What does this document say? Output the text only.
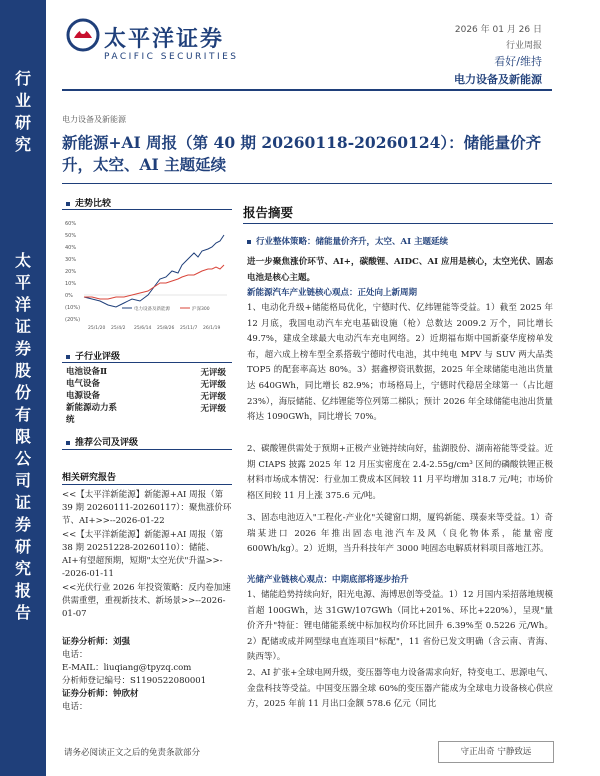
行业研究
太平洋证券股份有限公司证券研究报告
太平洋证券
PACIFIC SECURITIES
2026 年 01 月 26 日
行业周报
看好/维持
电力设备及新能源
电力设备及新能源
新能源+AI 周报（第 40 期 20260118-20260124）：储能量价齐升，太空、AI 主题延续
走势比较
60%
50%
40%
30%
20%
10%
0%
(10%)
(20%)
电力设备及新能源	沪深300
25/1/20 25/4/2 25/6/14 25/8/26 25/11/7 26/1/19
子行业评级
电池设备Ⅱ	无评级
电气设备	无评级
电源设备	无评级
新能源动力系统
无评级
推荐公司及评级
相关研究报告
<<【太平洋新能源】新能源+AI 周报（第 39 期 20260111-20260117）：聚焦涨价环节、AI+>>--2026-01-22
<<【太平洋新能源】新能源+AI 周报（第 38 期 20251228-20260110）：储能、AI+有望超预期，短期"太空光伏"升温>>--2026-01-11
<<光伏行业 2026 年投资策略：反内卷加速供需重塑，重视新技术、新场景>>--2026-01-07
证券分析师：刘强
电话：
E-MAIL：liuqiang@tpyzq.com
分析师登记编号：S1190522080001
证券分析师：钟欣材
电话：
报告摘要
行业整体策略：储能量价齐升，太空、AI 主题延续
进一步聚焦涨价环节、AI+，碳酸锂、AIDC、AI 应用是核心，太空光伏、固态电池是核心主题。
新能源汽车产业链核心观点：正处向上新周期
1、电动化升级+储能格局优化，宁德时代、亿纬锂能等受益。1）截至 2025 年 12 月底，我国电动汽车充电基础设施（枪）总数达 2009.2 万个，同比增长 49.7%，建成全球最大电动汽车充电网络。2）近期福布斯中国新豪华度榜单发布，超六成上榜车型全系搭载宁德时代电池，其中纯电 MPV 与 SUV 两大品类 TOP5 的配套率高达 80%。3）据鑫椤资讯数据，2025 年全球储能电池出货量达 640GWh，同比增长 82.9%；市场格局上，宁德时代稳居全球第一（占比超 23%），海辰储能、亿纬锂能等位列第二梯队；预计 2026 年全球储能电池出货量将达 1090GWh，同比增长 70%。
2、碳酸锂供需处于预期+正极产业链持续向好，盐湖股份、湖南裕能等受益。近期 CIAPS 披露 2025 年 12 月压实密度在 2.4-2.55g/cm³ 区间的磷酸铁锂正极材料市场成本情况：行业加工费成本区间较 11 月平均增加 318.7 元/吨；市场价格区间较 11 月上涨 375.6 元/吨。
3、固态电池迈入"工程化-产业化"关键窗口期，厦钨新能、璞泰来等受益。1）奇瑞某进口 2026 年推出固态电池汽车及风（良化物体系，能量密度 600Wh/kg）。2）近期，当升科技年产 3000 吨固态电解质材料项目落地江苏。
光储产业链核心观点：中期底部将逐步抬升
1、储能趋势持续向好，阳光电源、海博思创等受益。1）12 月国内采招落地规模首超 100GWh，达 31GW/107GWh（同比+201%、环比+220%），呈现"量价齐升"特征：锂电储能系统中标加权均价环比回升 6.39%至 0.5226 元/Wh。2）配储或成并网型绿电直连项目"标配"，11 省份已发文明确（含云南、青海、陕西等）。
2、AI 扩张+全球电网升级，变压器等电力设备需求向好，特变电工、思源电气、金盘科技等受益。中国变压器全球 60%的变压器产能成为全球电力设备核心供应方，2025 年前 11 月出口金额 578.6 亿元（同比
请务必阅读正文之后的免责条款部分	守正出奇 宁静致远
